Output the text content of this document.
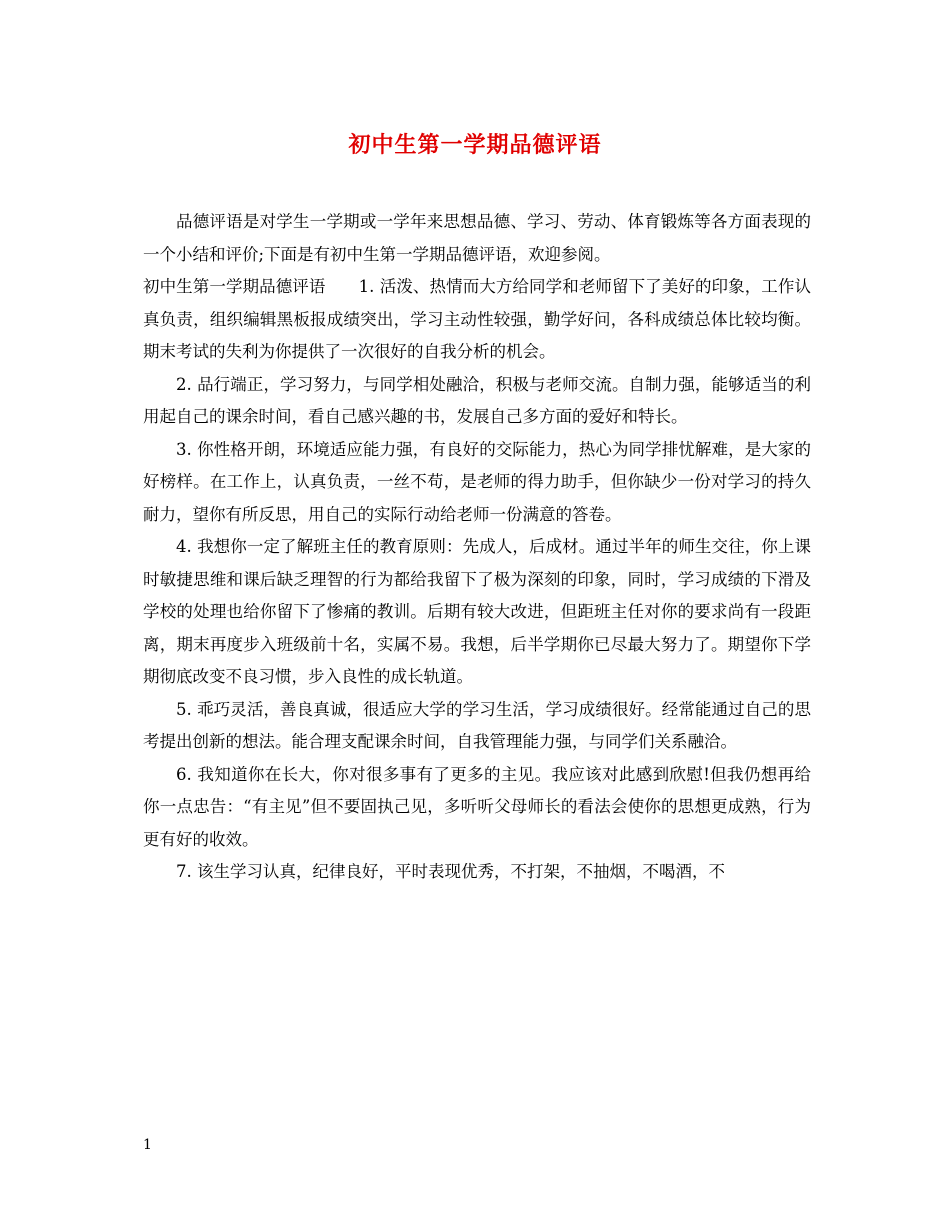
初中生第一学期品德评语

品德评语是对学生一学期或一学年来思想品德、学习、劳动、体育锻炼等各方面表现的一个小结和评价;下面是有初中生第一学期品德评语，欢迎参阅。

初中生第一学期品德评语　　1. 活泼、热情而大方给同学和老师留下了美好的印象，工作认真负责，组织编辑黑板报成绩突出，学习主动性较强，勤学好问，各科成绩总体比较均衡。期末考试的失利为你提供了一次很好的自我分析的机会。

2. 品行端正，学习努力，与同学相处融洽，积极与老师交流。自制力强，能够适当的利用起自己的课余时间，看自己感兴趣的书，发展自己多方面的爱好和特长。

3. 你性格开朗，环境适应能力强，有良好的交际能力，热心为同学排忧解难，是大家的好榜样。在工作上，认真负责，一丝不苟，是老师的得力助手，但你缺少一份对学习的持久耐力，望你有所反思，用自己的实际行动给老师一份满意的答卷。

4. 我想你一定了解班主任的教育原则：先成人，后成材。通过半年的师生交往，你上课时敏捷思维和课后缺乏理智的行为都给我留下了极为深刻的印象，同时，学习成绩的下滑及学校的处理也给你留下了惨痛的教训。后期有较大改进，但距班主任对你的要求尚有一段距离，期末再度步入班级前十名，实属不易。我想，后半学期你已尽最大努力了。期望你下学期彻底改变不良习惯，步入良性的成长轨道。

5. 乖巧灵活，善良真诚，很适应大学的学习生活，学习成绩很好。经常能通过自己的思考提出创新的想法。能合理支配课余时间，自我管理能力强，与同学们关系融洽。

6. 我知道你在长大，你对很多事有了更多的主见。我应该对此感到欣慰!但我仍想再给你一点忠告：“有主见”但不要固执己见，多听听父母师长的看法会使你的思想更成熟，行为更有好的收效。

7. 该生学习认真，纪律良好，平时表现优秀，不打架，不抽烟，不喝酒，不

1
